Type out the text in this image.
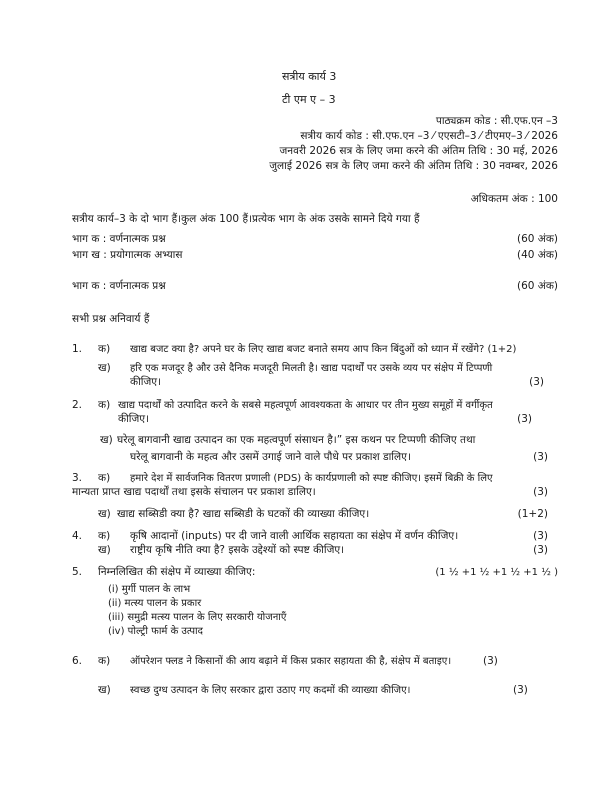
सत्रीय कार्य 3
टी एम ए – 3
पाठ्यक्रम कोड : सी.एफ.एन –3
सत्रीय कार्य कोड : सी.एफ.एन –3 ⁄ एएसटी–3 ⁄ टीएमए–3 ⁄ 2026
जनवरी 2026 सत्र के लिए जमा करने की अंतिम तिथि : 30 मई, 2026
जुलाई 2026 सत्र के लिए जमा करने की अंतिम तिथि : 30 नवम्बर, 2026
अधिकतम अंक : 100
सत्रीय कार्य–3 के दो भाग हैं।कुल अंक 100 हैं।प्रत्येक भाग के अंक उसके सामने दिये गया हैं
भाग क : वर्णनात्मक प्रश्न	(60 अंक)
भाग ख : प्रयोगात्मक अभ्यास	(40 अंक)
भाग क : वर्णनात्मक प्रश्न	(60 अंक)
सभी प्रश्न अनिवार्य हैं
1. क) खाद्य बजट क्या है? अपने घर के लिए खाद्य बजट बनाते समय आप किन बिंदुओं को ध्यान में रखेंगे? (1+2)
ख) हरि एक मजदूर है और उसे दैनिक मजदूरी मिलती है। खाद्य पदार्थों पर उसके व्यय पर संक्षेप में टिप्पणी
कीजिए।	(3)
2. क) खाद्य पदार्थों को उत्पादित करने के सबसे महत्वपूर्ण आवश्यकता के आधार पर तीन मुख्य समूहों में वर्गीकृत
कीजिए।	(3)
ख) घरेलू बागवानी खाद्य उत्पादन का एक महत्वपूर्ण संसाधन है।” इस कथन पर टिप्पणी कीजिए तथा
घरेलू बागवानी के महत्व और उसमें उगाई जाने वाले पौधे पर प्रकाश डालिए।	(3)
3. क) हमारे देश में सार्वजनिक वितरण प्रणाली (PDS) के कार्यप्रणाली को स्पष्ट कीजिए। इसमें बिक्री के लिए
मान्यता प्राप्त खाद्य पदार्थों तथा इसके संचालन पर प्रकाश डालिए।	(3)
ख) खाद्य सब्सिडी क्या है? खाद्य सब्सिडी के घटकों की व्याख्या कीजिए।	(1+2)
4. क) कृषि आदानों (inputs) पर दी जाने वाली आर्थिक सहायता का संक्षेप में वर्णन कीजिए।	(3)
ख) राष्ट्रीय कृषि नीति क्या है? इसके उद्देश्यों को स्पष्ट कीजिए।	(3)
5. निम्नलिखित की संक्षेप में व्याख्या कीजिए:	(1 ½ +1 ½ +1 ½ +1 ½ )
(i) मुर्गी पालन के लाभ
(ii) मत्स्य पालन के प्रकार
(iii) समुद्री मत्स्य पालन के लिए सरकारी योजनाएँ
(iv) पोल्ट्री फार्म के उत्पाद
6. क) ऑपरेशन फ्लड ने किसानों की आय बढ़ाने में किस प्रकार सहायता की है, संक्षेप में बताइए।	(3)
ख) स्वच्छ दुग्ध उत्पादन के लिए सरकार द्वारा उठाए गए कदमों की व्याख्या कीजिए।	(3)
